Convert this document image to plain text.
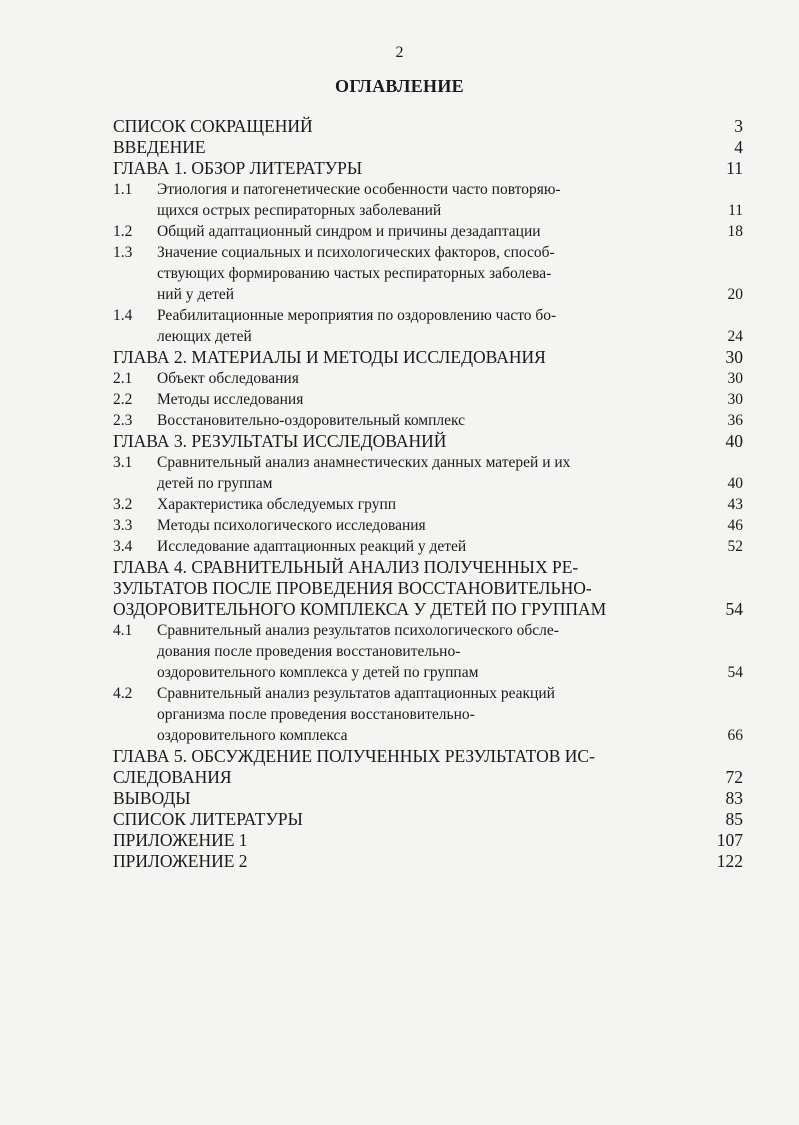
2
ОГЛАВЛЕНИЕ
СПИСОК СОКРАЩЕНИЙ	3
ВВЕДЕНИЕ	4
ГЛАВА 1. ОБЗОР ЛИТЕРАТУРЫ	11
1.1 Этиология и патогенетические особенности часто повторяю-
щихся острых респираторных заболеваний	11
1.2 Общий адаптационный синдром и причины дезадаптации	18
1.3 Значение социальных и психологических факторов, способ-
ствующих формированию частых респираторных заболева-
ний у детей	20
1.4 Реабилитационные мероприятия по оздоровлению часто бо-
леющих детей	24
ГЛАВА 2. МАТЕРИАЛЫ И МЕТОДЫ ИССЛЕДОВАНИЯ	30
2.1 Объект обследования	30
2.2 Методы исследования	30
2.3 Восстановительно-оздоровительный комплекс	36
ГЛАВА 3. РЕЗУЛЬТАТЫ ИССЛЕДОВАНИЙ	40
3.1 Сравнительный анализ анамнестических данных матерей и их
детей по группам	40
3.2 Характеристика обследуемых групп	43
3.3 Методы психологического исследования	46
3.4 Исследование адаптационных реакций у детей	52
ГЛАВА 4. СРАВНИТЕЛЬНЫЙ АНАЛИЗ ПОЛУЧЕННЫХ РЕ-
ЗУЛЬТАТОВ ПОСЛЕ ПРОВЕДЕНИЯ ВОССТАНОВИТЕЛЬНО-
ОЗДОРОВИТЕЛЬНОГО КОМПЛЕКСА У ДЕТЕЙ ПО ГРУППАМ	54
4.1 Сравнительный анализ результатов психологического обсле-
дования после проведения восстановительно-
оздоровительного комплекса у детей по группам	54
4.2 Сравнительный анализ результатов адаптационных реакций
организма после проведения восстановительно-
оздоровительного комплекса	66
ГЛАВА 5. ОБСУЖДЕНИЕ ПОЛУЧЕННЫХ РЕЗУЛЬТАТОВ ИС-
СЛЕДОВАНИЯ	72
ВЫВОДЫ	83
СПИСОК ЛИТЕРАТУРЫ	85
ПРИЛОЖЕНИЕ 1	107
ПРИЛОЖЕНИЕ 2	122
